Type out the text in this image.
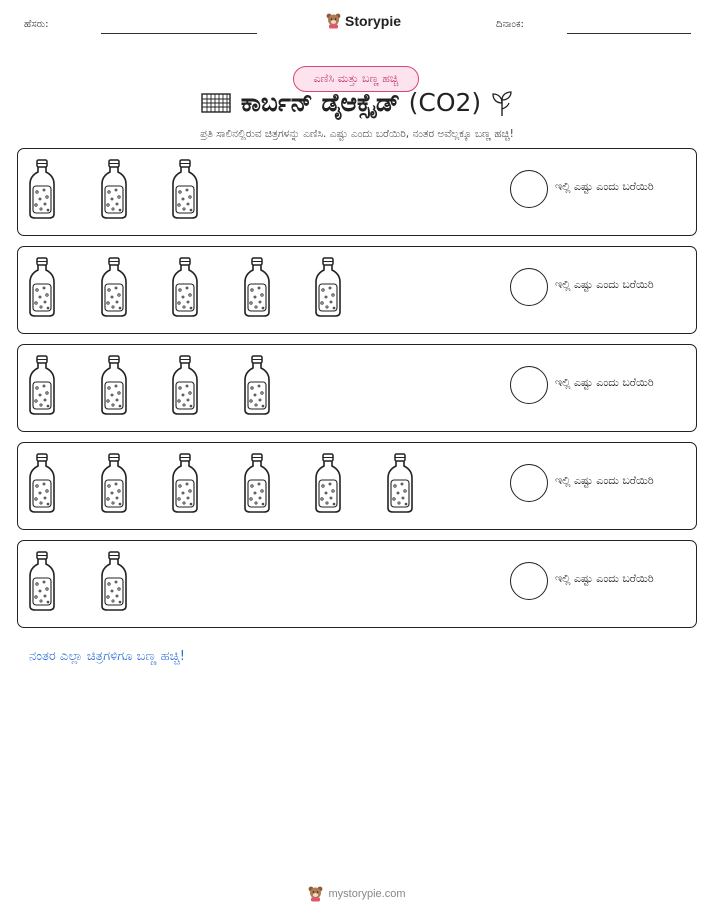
ಹೆಸರು:	Storypie	ದಿನಾಂಕ:
ಎಣಿಸಿ ಮತ್ತು ಬಣ್ಣ ಹಚ್ಚಿ
ಕಾರ್ಬನ್ ಡೈಆಕ್ಸೈಡ್ (CO2)
ಪ್ರತಿ ಸಾಲಿನಲ್ಲಿರುವ ಚಿತ್ರಗಳನ್ನು ಎಣಿಸಿ. ಎಷ್ಟು ಎಂದು ಬರೆಯಿರಿ, ನಂತರ ಅವೆಲ್ಲಕ್ಕೂ ಬಣ್ಣ ಹಚ್ಚಿ!
ಇಲ್ಲಿ ಎಷ್ಟು ಎಂದು ಬರೆಯಿರಿ
ಇಲ್ಲಿ ಎಷ್ಟು ಎಂದು ಬರೆಯಿರಿ
ಇಲ್ಲಿ ಎಷ್ಟು ಎಂದು ಬರೆಯಿರಿ
ಇಲ್ಲಿ ಎಷ್ಟು ಎಂದು ಬರೆಯಿರಿ
ಇಲ್ಲಿ ಎಷ್ಟು ಎಂದು ಬರೆಯಿರಿ
ನಂತರ ಎಲ್ಲಾ ಚಿತ್ರಗಳಿಗೂ ಬಣ್ಣ ಹಚ್ಚಿ!
mystorypie.com
